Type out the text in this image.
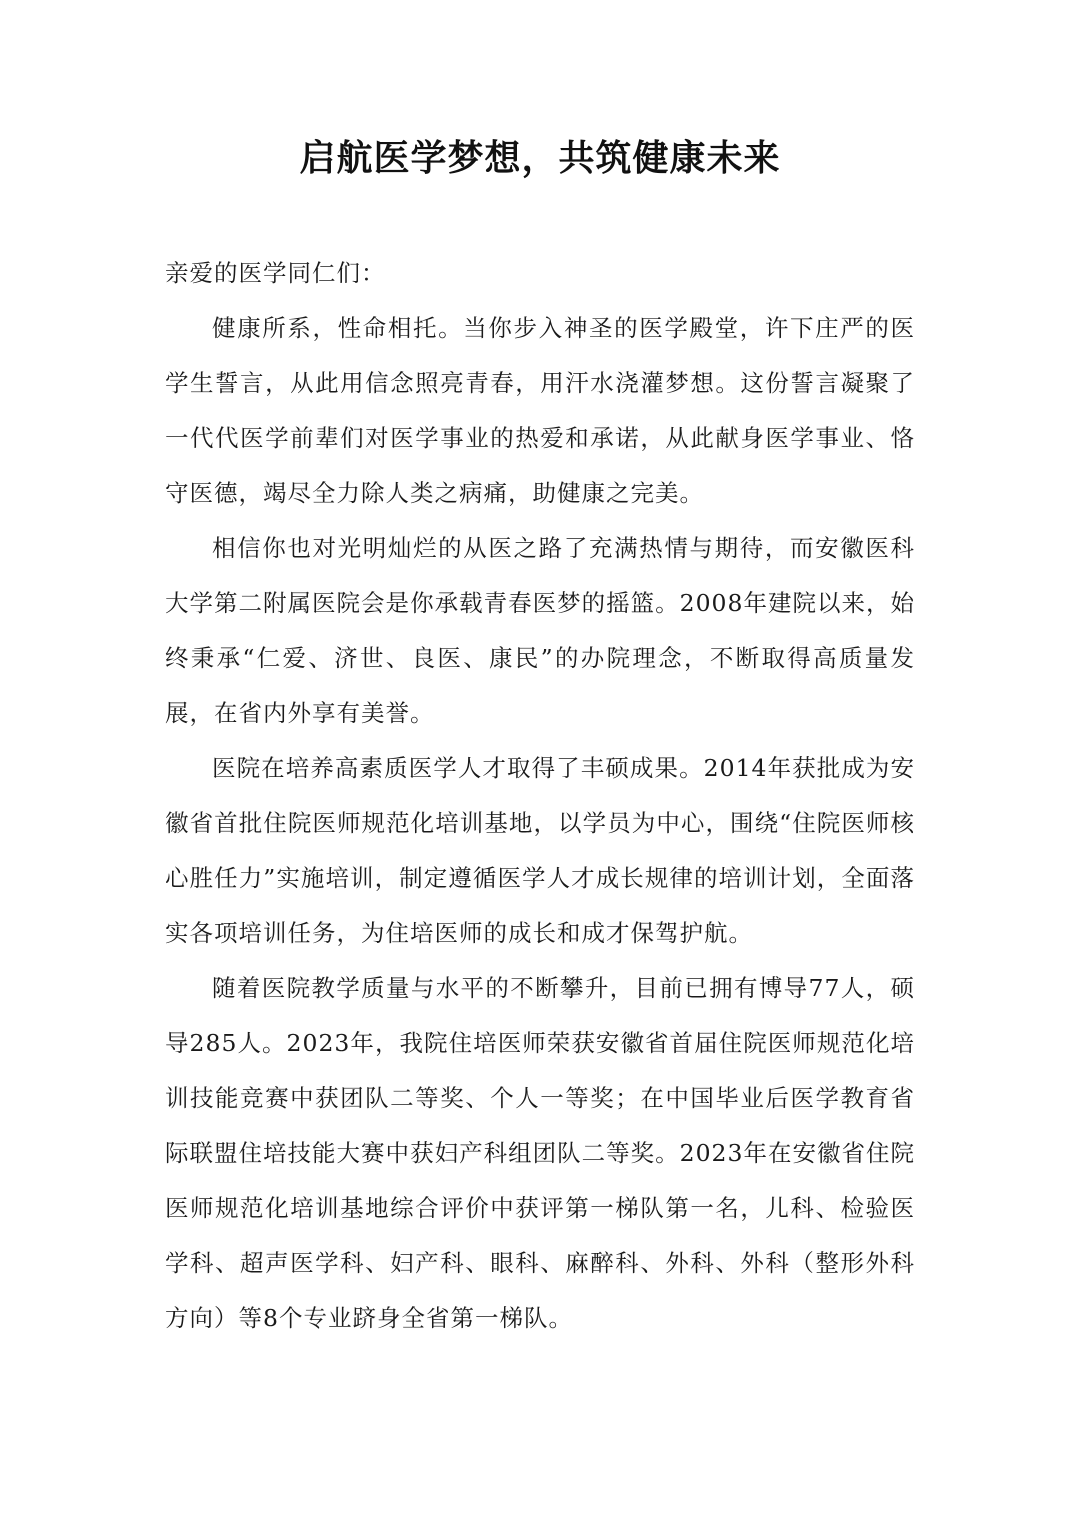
启航医学梦想，共筑健康未来

亲爱的医学同仁们：

健康所系，性命相托。当你步入神圣的医学殿堂，许下庄严的医学生誓言，从此用信念照亮青春，用汗水浇灌梦想。这份誓言凝聚了一代代医学前辈们对医学事业的热爱和承诺，从此献身医学事业、恪守医德，竭尽全力除人类之病痛，助健康之完美。

相信你也对光明灿烂的从医之路了充满热情与期待，而安徽医科大学第二附属医院会是你承载青春医梦的摇篮。2008年建院以来，始终秉承“仁爱、济世、良医、康民”的办院理念，不断取得高质量发展，在省内外享有美誉。

医院在培养高素质医学人才取得了丰硕成果。2014年获批成为安徽省首批住院医师规范化培训基地，以学员为中心，围绕“住院医师核心胜任力”实施培训，制定遵循医学人才成长规律的培训计划，全面落实各项培训任务，为住培医师的成长和成才保驾护航。

随着医院教学质量与水平的不断攀升，目前已拥有博导77人，硕导285人。2023年，我院住培医师荣获安徽省首届住院医师规范化培训技能竞赛中获团队二等奖、个人一等奖；在中国毕业后医学教育省际联盟住培技能大赛中获妇产科组团队二等奖。2023年在安徽省住院医师规范化培训基地综合评价中获评第一梯队第一名，儿科、检验医学科、超声医学科、妇产科、眼科、麻醉科、外科、外科（整形外科方向）等8个专业跻身全省第一梯队。
